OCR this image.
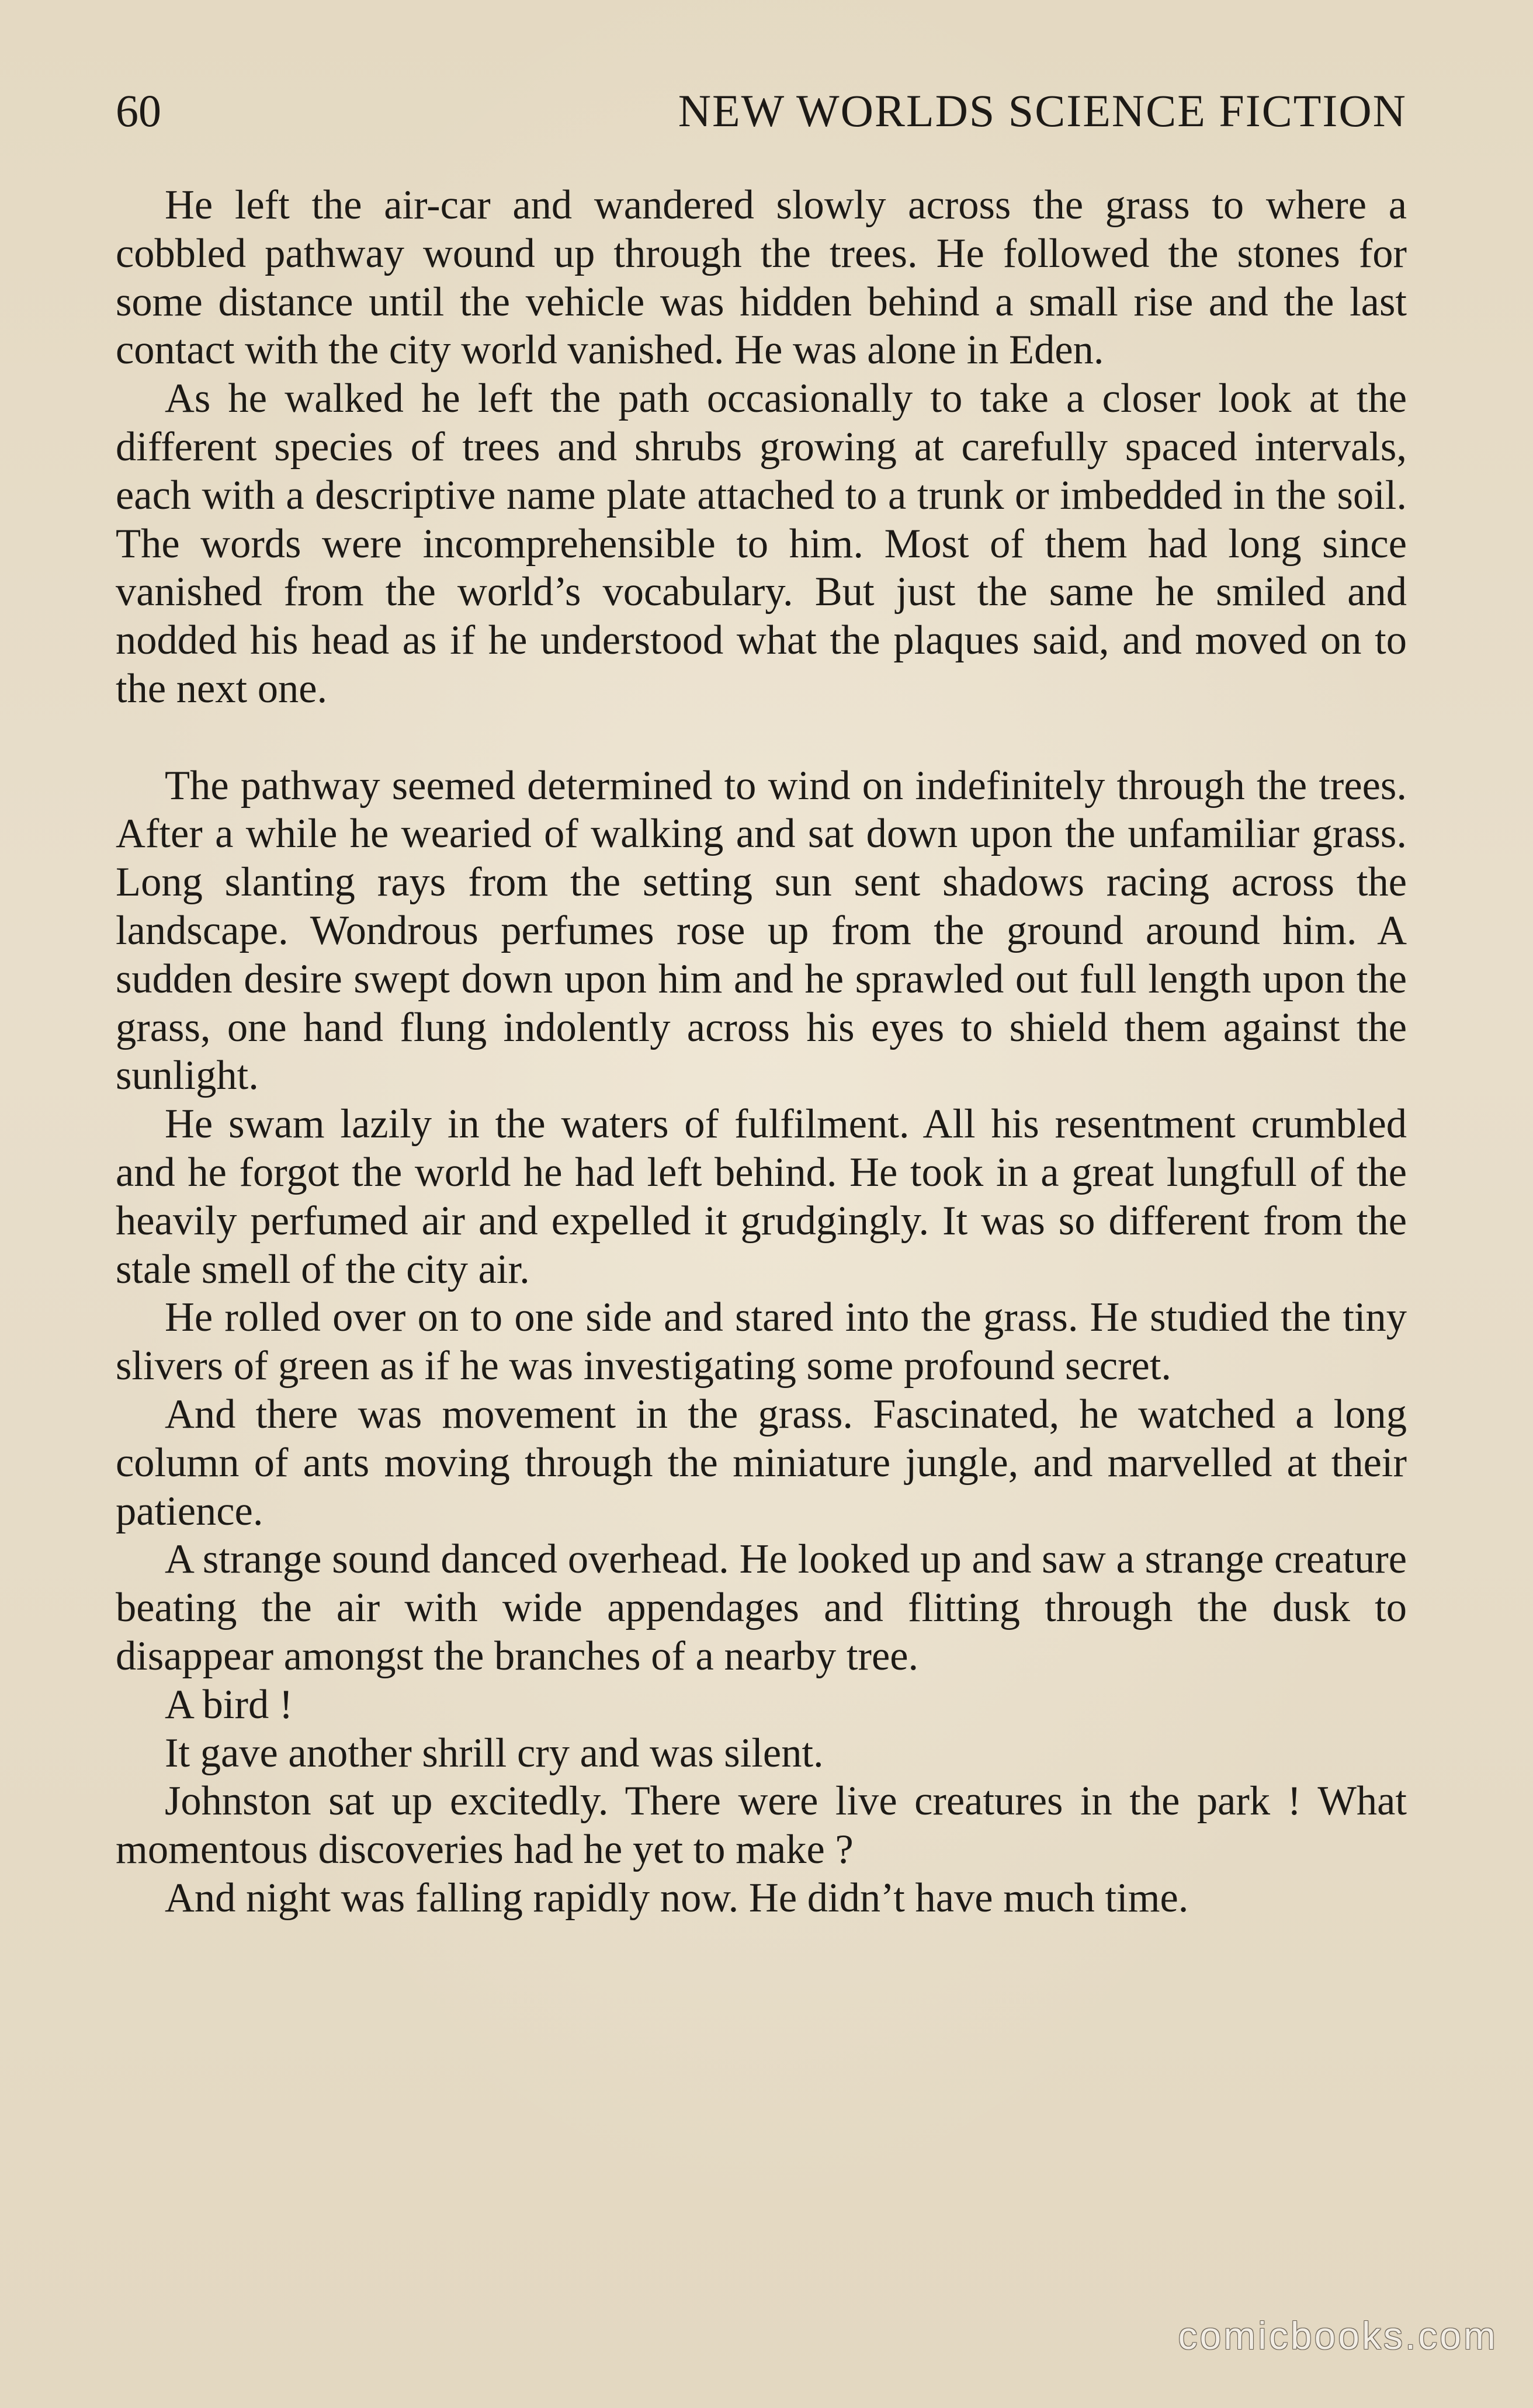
60	NEW WORLDS SCIENCE FICTION

He left the air-car and wandered slowly across the grass to where a cobbled pathway wound up through the trees. He followed the stones for some distance until the vehicle was hidden behind a small rise and the last contact with the city world vanished. He was alone in Eden.

As he walked he left the path occasionally to take a closer look at the different species of trees and shrubs growing at carefully spaced intervals, each with a descriptive name plate attached to a trunk or imbedded in the soil. The words were incomprehensible to him. Most of them had long since vanished from the world’s vocabulary. But just the same he smiled and nodded his head as if he understood what the plaques said, and moved on to the next one.

The pathway seemed determined to wind on indefinitely through the trees. After a while he wearied of walking and sat down upon the unfamiliar grass. Long slanting rays from the setting sun sent shadows racing across the landscape. Wondrous perfumes rose up from the ground around him. A sudden desire swept down upon him and he sprawled out full length upon the grass, one hand flung indolently across his eyes to shield them against the sunlight.

He swam lazily in the waters of fulfilment. All his resentment crumbled and he forgot the world he had left behind. He took in a great lungfull of the heavily perfumed air and expelled it grudgingly. It was so different from the stale smell of the city air.

He rolled over on to one side and stared into the grass. He studied the tiny slivers of green as if he was investigating some profound secret.

And there was movement in the grass. Fascinated, he watched a long column of ants moving through the miniature jungle, and marvelled at their patience.

A strange sound danced overhead. He looked up and saw a strange creature beating the air with wide appendages and flitting through the dusk to disappear amongst the branches of a nearby tree.

A bird !

It gave another shrill cry and was silent.

Johnston sat up excitedly. There were live creatures in the park ! What momentous discoveries had he yet to make ?

And night was falling rapidly now. He didn’t have much time.

comicbooks.com
